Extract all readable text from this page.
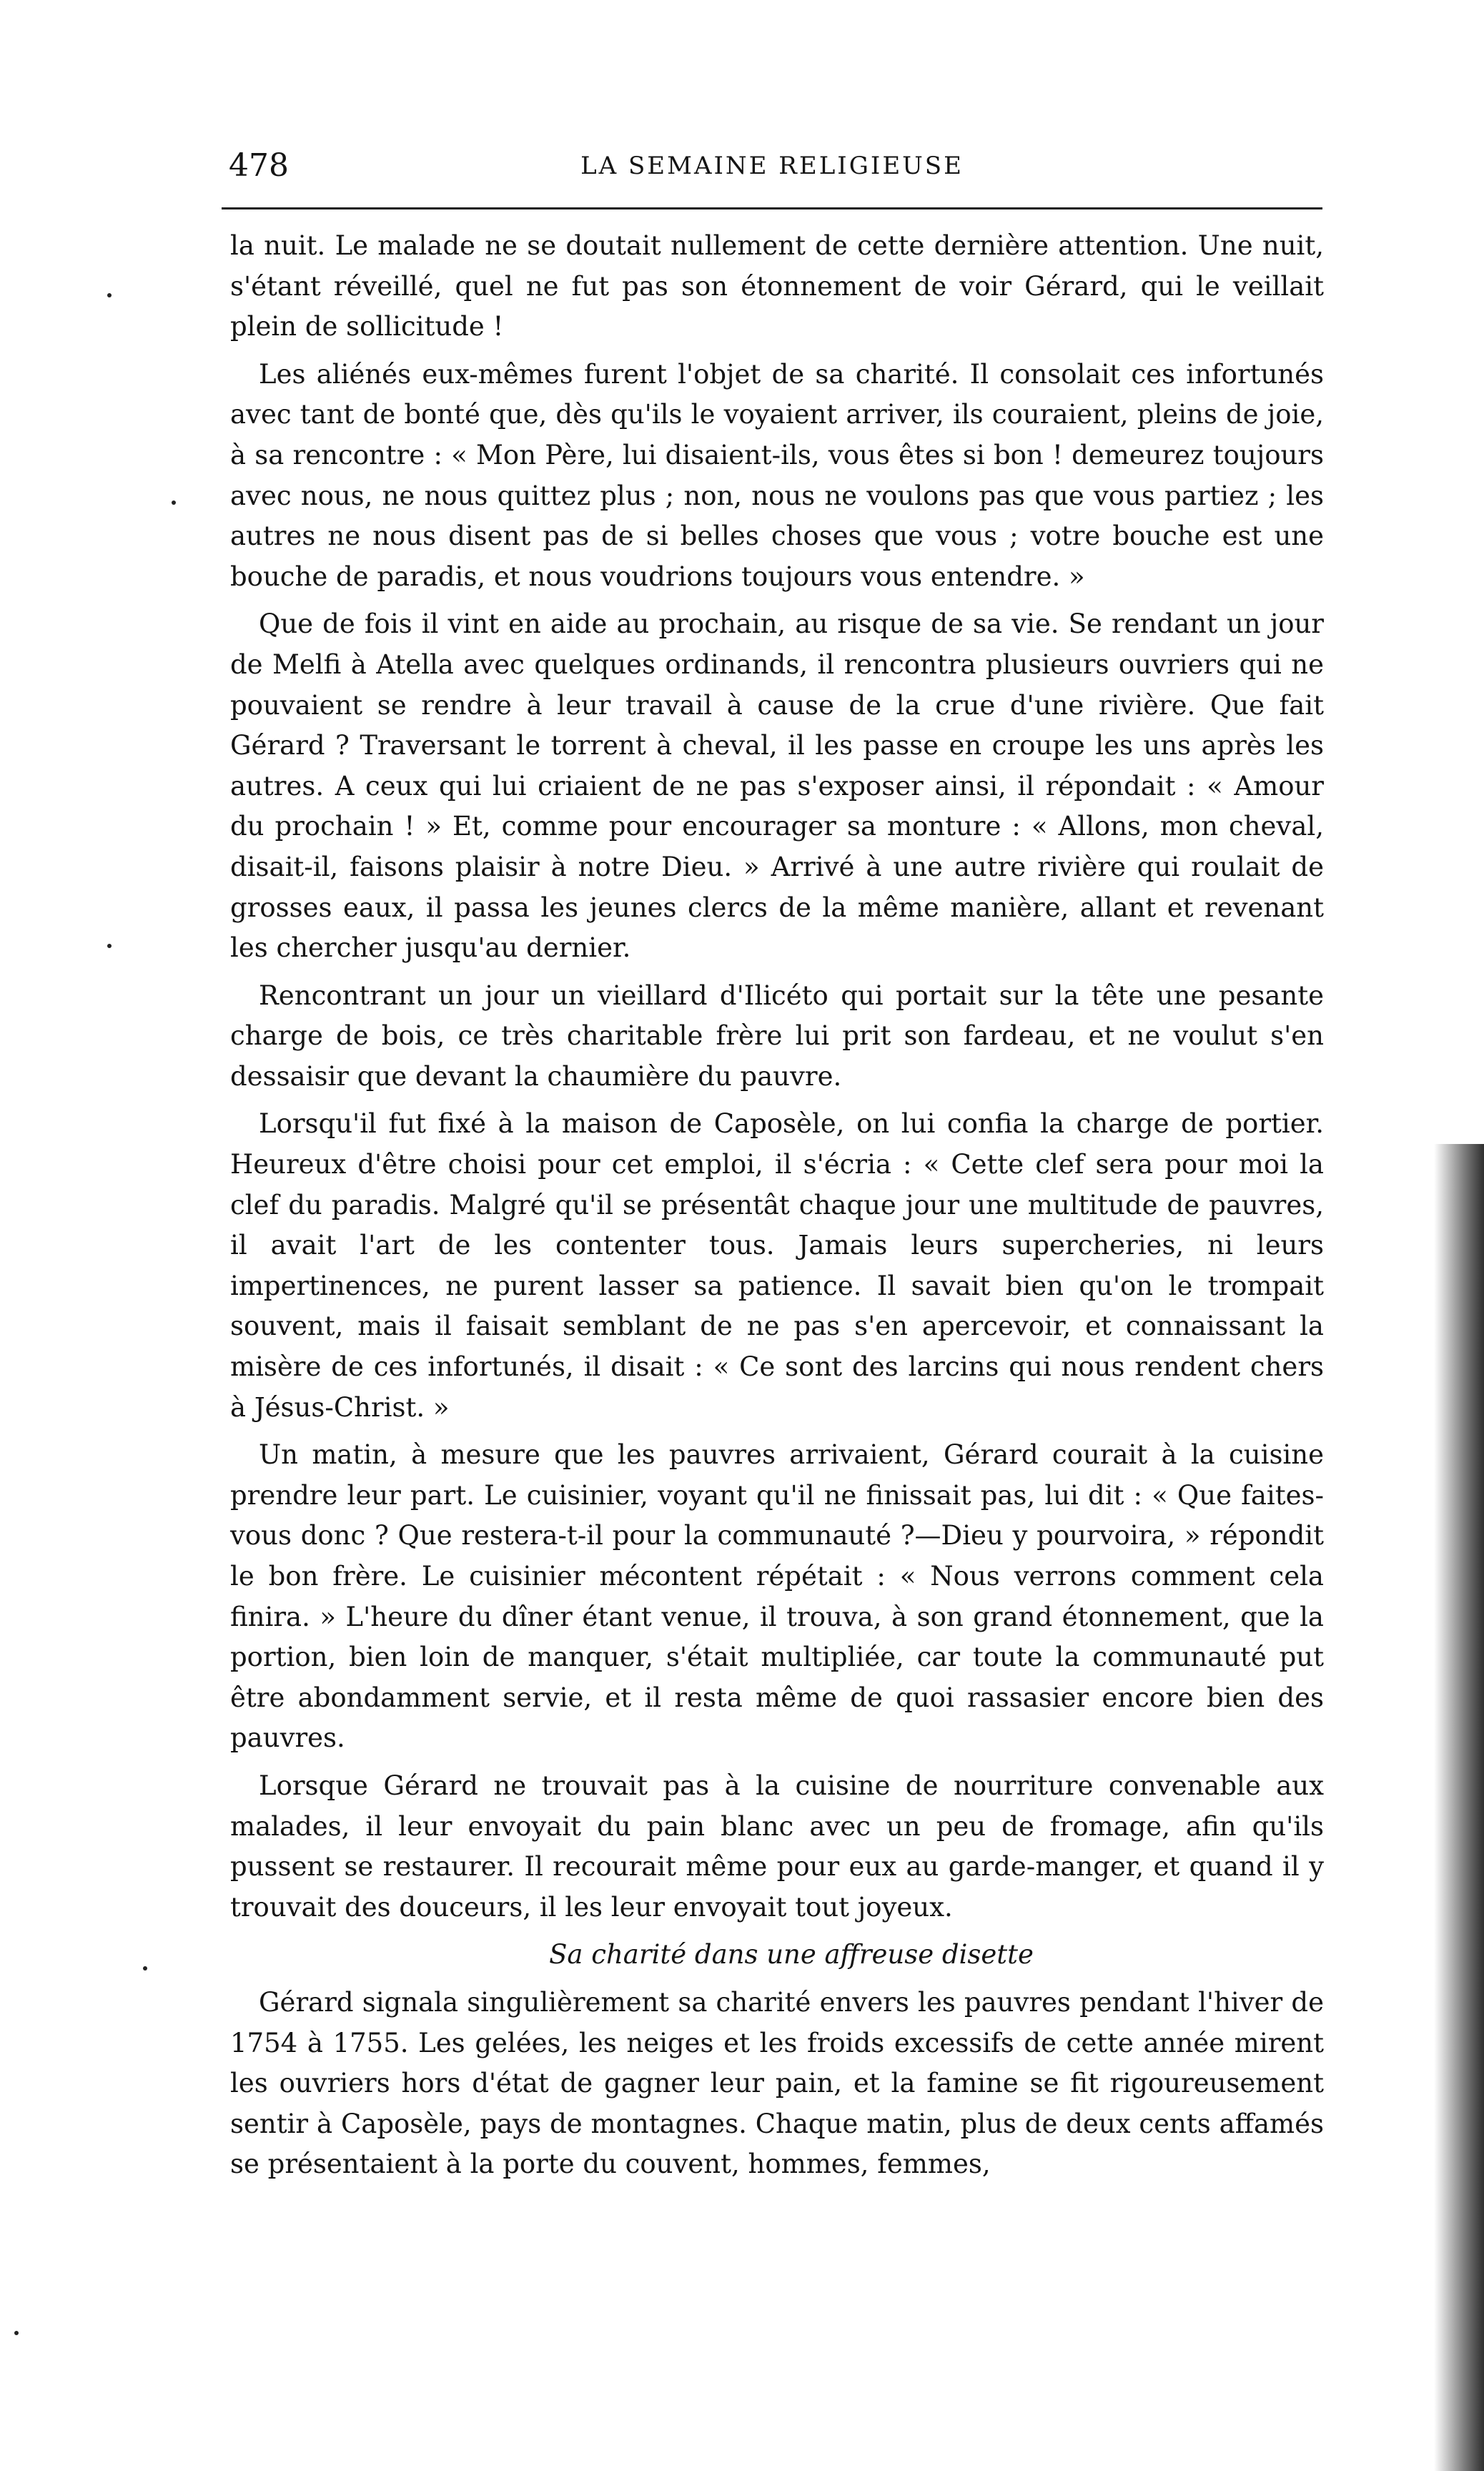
478	LA SEMAINE RELIGIEUSE

la nuit. Le malade ne se doutait nullement de cette dernière attention. Une nuit, s'étant réveillé, quel ne fut pas son étonnement de voir Gérard, qui le veillait plein de sollicitude !

Les aliénés eux-mêmes furent l'objet de sa charité. Il consolait ces infortunés avec tant de bonté que, dès qu'ils le voyaient arriver, ils couraient, pleins de joie, à sa rencontre : « Mon Père, lui disaient-ils, vous êtes si bon ! demeurez toujours avec nous, ne nous quittez plus ; non, nous ne voulons pas que vous partiez ; les autres ne nous disent pas de si belles choses que vous ; votre bouche est une bouche de paradis, et nous voudrions toujours vous entendre. »

Que de fois il vint en aide au prochain, au risque de sa vie. Se rendant un jour de Melfi à Atella avec quelques ordinands, il rencontra plusieurs ouvriers qui ne pouvaient se rendre à leur travail à cause de la crue d'une rivière. Que fait Gérard ? Traversant le torrent à cheval, il les passe en croupe les uns après les autres. A ceux qui lui criaient de ne pas s'exposer ainsi, il répondait : « Amour du prochain ! » Et, comme pour encourager sa monture : « Allons, mon cheval, disait-il, faisons plaisir à notre Dieu. » Arrivé à une autre rivière qui roulait de grosses eaux, il passa les jeunes clercs de la même manière, allant et revenant les chercher jusqu'au dernier.

Rencontrant un jour un vieillard d'Ilicéto qui portait sur la tête une pesante charge de bois, ce très charitable frère lui prit son fardeau, et ne voulut s'en dessaisir que devant la chaumière du pauvre.

Lorsqu'il fut fixé à la maison de Caposèle, on lui confia la charge de portier. Heureux d'être choisi pour cet emploi, il s'écria : « Cette clef sera pour moi la clef du paradis. Malgré qu'il se présentât chaque jour une multitude de pauvres, il avait l'art de les contenter tous. Jamais leurs supercheries, ni leurs impertinences, ne purent lasser sa patience. Il savait bien qu'on le trompait souvent, mais il faisait semblant de ne pas s'en apercevoir, et connaissant la misère de ces infortunés, il disait : « Ce sont des larcins qui nous rendent chers à Jésus-Christ. »

Un matin, à mesure que les pauvres arrivaient, Gérard courait à la cuisine prendre leur part. Le cuisinier, voyant qu'il ne finissait pas, lui dit : « Que faites-vous donc ? Que restera-t-il pour la communauté ?—Dieu y pourvoira, » répondit le bon frère. Le cuisinier mécontent répétait : « Nous verrons comment cela finira. » L'heure du dîner étant venue, il trouva, à son grand étonnement, que la portion, bien loin de manquer, s'était multipliée, car toute la communauté put être abondamment servie, et il resta même de quoi rassasier encore bien des pauvres.

Lorsque Gérard ne trouvait pas à la cuisine de nourriture convenable aux malades, il leur envoyait du pain blanc avec un peu de fromage, afin qu'ils pussent se restaurer. Il recourait même pour eux au garde-manger, et quand il y trouvait des douceurs, il les leur envoyait tout joyeux.

Sa charité dans une affreuse disette

Gérard signala singulièrement sa charité envers les pauvres pendant l'hiver de 1754 à 1755. Les gelées, les neiges et les froids excessifs de cette année mirent les ouvriers hors d'état de gagner leur pain, et la famine se fit rigoureusement sentir à Caposèle, pays de montagnes. Chaque matin, plus de deux cents affamés se présentaient à la porte du couvent, hommes, femmes,
